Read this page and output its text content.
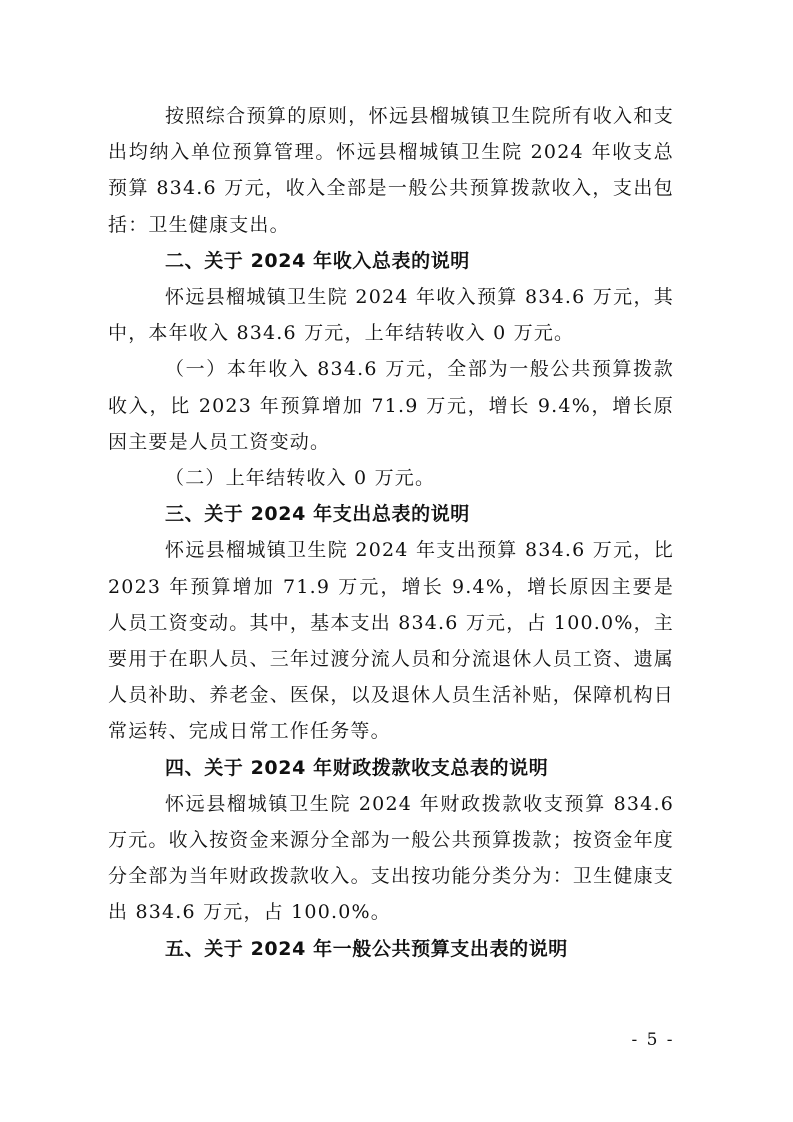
按照综合预算的原则，怀远县榴城镇卫生院所有收入和支出均纳入单位预算管理。怀远县榴城镇卫生院 2024 年收支总预算 834.6 万元，收入全部是一般公共预算拨款收入，支出包括：卫生健康支出。

二、关于 2024 年收入总表的说明

怀远县榴城镇卫生院 2024 年收入预算 834.6 万元，其中，本年收入 834.6 万元，上年结转收入 0 万元。

（一）本年收入 834.6 万元，全部为一般公共预算拨款收入，比 2023 年预算增加 71.9 万元，增长 9.4%，增长原因主要是人员工资变动。

（二）上年结转收入 0 万元。

三、关于 2024 年支出总表的说明

怀远县榴城镇卫生院 2024 年支出预算 834.6 万元，比 2023 年预算增加 71.9 万元，增长 9.4%，增长原因主要是人员工资变动。其中，基本支出 834.6 万元，占 100.0%，主要用于在职人员、三年过渡分流人员和分流退休人员工资、遗属人员补助、养老金、医保，以及退休人员生活补贴，保障机构日常运转、完成日常工作任务等。

四、关于 2024 年财政拨款收支总表的说明

怀远县榴城镇卫生院 2024 年财政拨款收支预算 834.6 万元。收入按资金来源分全部为一般公共预算拨款；按资金年度分全部为当年财政拨款收入。支出按功能分类分为：卫生健康支出 834.6 万元，占 100.0%。

五、关于 2024 年一般公共预算支出表的说明

- 5 -
